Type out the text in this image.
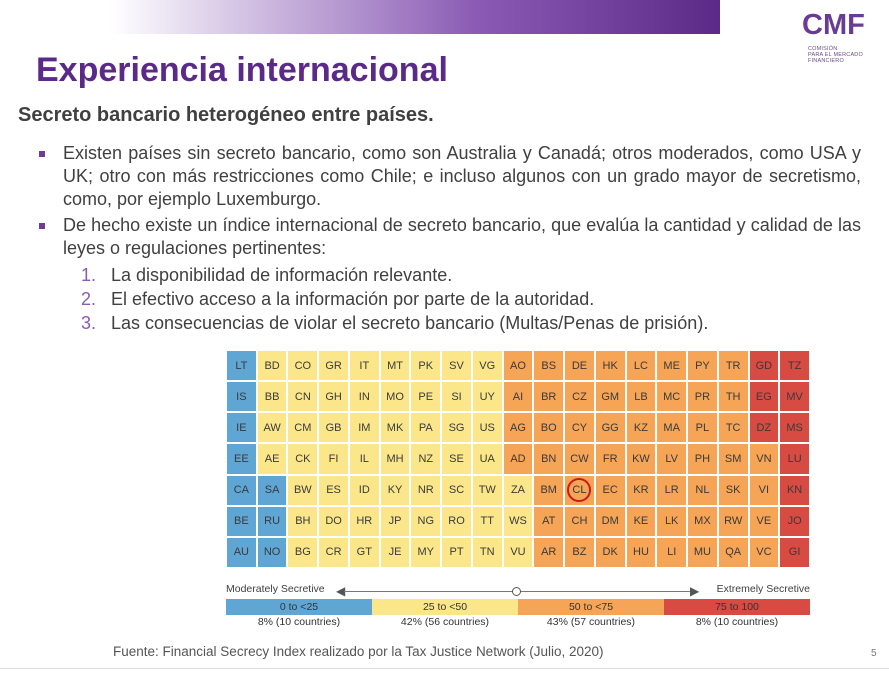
CMF
COMISIÓN
PARA EL MERCADO
FINANCIERO
Experiencia internacional
Secreto bancario heterogéneo entre países.

Existen países sin secreto bancario, como son Australia y Canadá; otros moderados, como USA y UK; otro con más restricciones como Chile; e incluso algunos con un grado mayor de secretismo, como, por ejemplo Luxemburgo.

De hecho existe un índice internacional de secreto bancario, que evalúa la cantidad y calidad de las leyes o regulaciones pertinentes:

1. La disponibilidad de información relevante.

2. El efectivo acceso a la información por parte de la autoridad.

3. Las consecuencias de violar el secreto bancario (Multas/Penas de prisión).

LT BD CO GR IT MT PK SV VG AO BS DE HK LC ME PY TR GD TZ
IS BB CN GH IN MO PE SI UY AI BR CZ GM LB MC PR TH EG MV
IE AW CM GB IM MK PA SG US AG BO CY GG KZ MA PL TC DZ MS
EE AE CK FI IL MH NZ SE UA AD BN CW FR KW LV PH SM VN LU
CA SA BW ES ID KY NR SC TW ZA BM CL EC KR LR NL SK VI KN
BE RU BH DO HR JP NG RO TT WS AT CH DM KE LK MX RW VE JO
AU NO BG CR GT JE MY PT TN VU AR BZ DK HU LI MU QA VC GI
Moderately Secretive ◀	▶ Extremely Secretive
0 to <25	25 to <50	50 to <75	75 to 100
8% (10 countries)	42% (56 countries)	43% (57 countries)	8% (10 countries)
Fuente: Financial Secrecy Index realizado por la Tax Justice Network (Julio, 2020)	5
